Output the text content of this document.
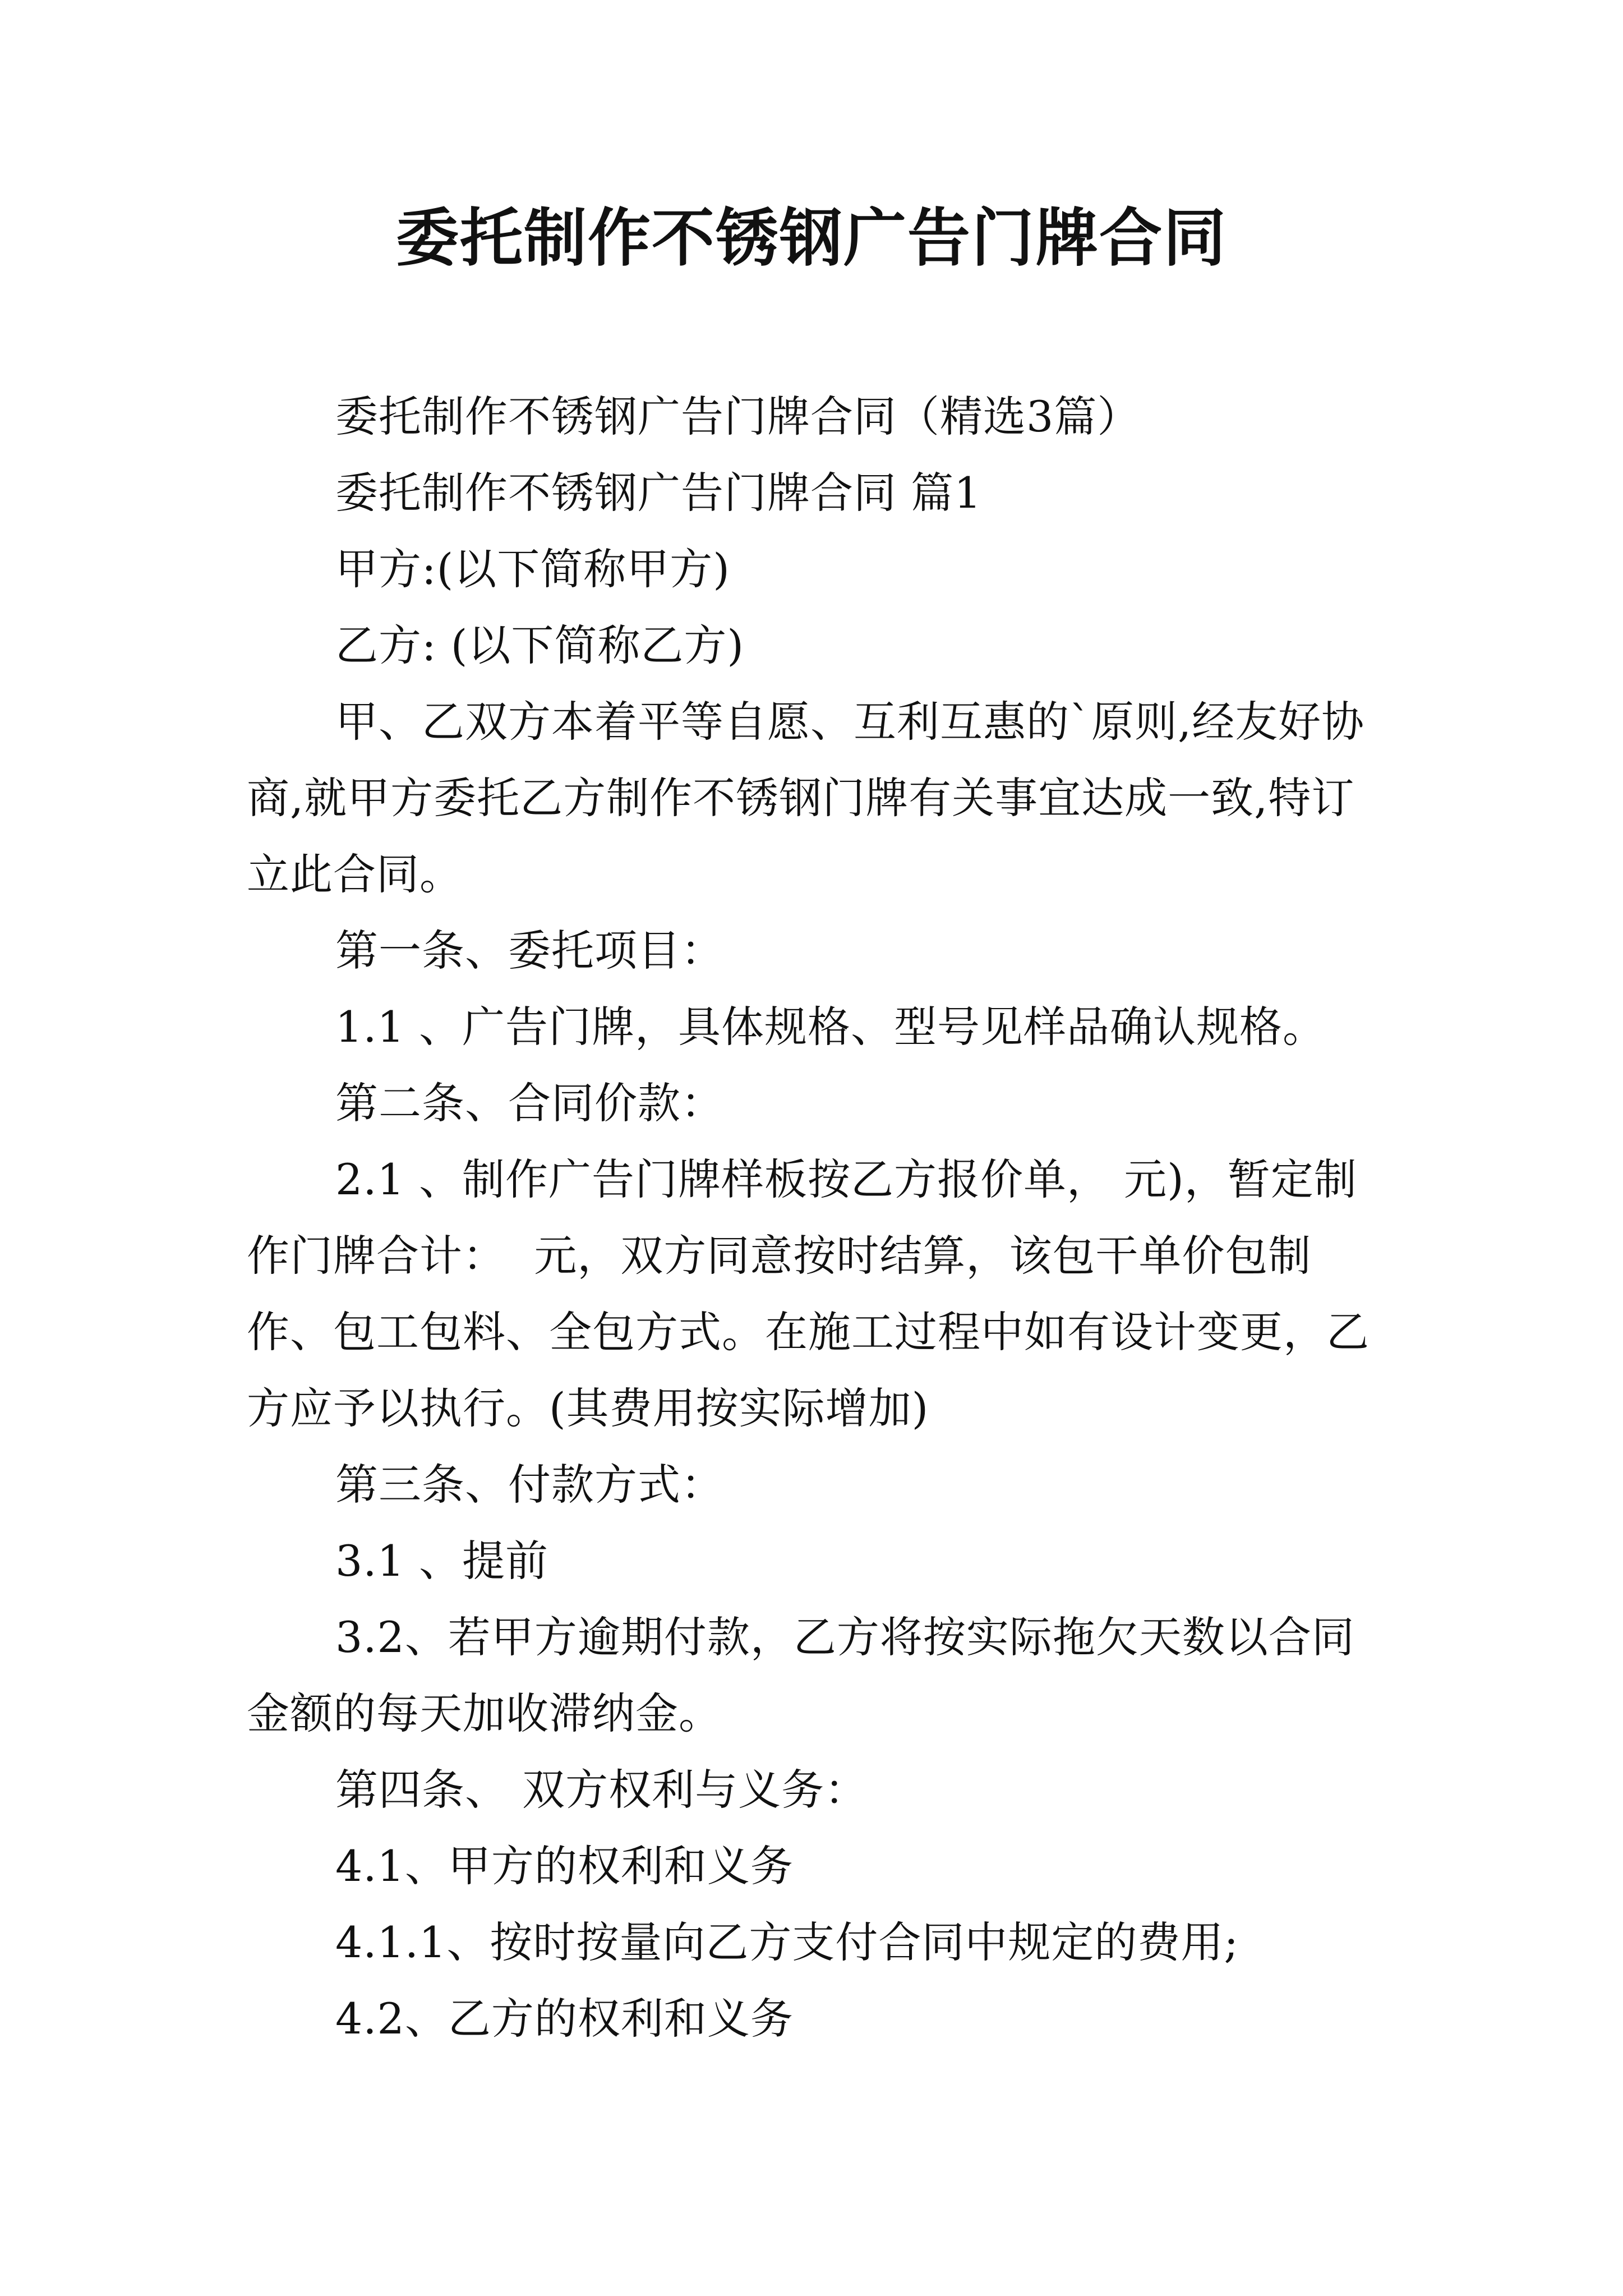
委托制作不锈钢广告门牌合同

委托制作不锈钢广告门牌合同（精选3篇）

委托制作不锈钢广告门牌合同 篇1

甲方:(以下简称甲方)

乙方: (以下简称乙方)

甲、乙双方本着平等自愿、互利互惠的`原则,经友好协商,就甲方委托乙方制作不锈钢门牌有关事宜达成一致,特订立此合同。

第一条、委托项目：

1.1 、广告门牌，具体规格、型号见样品确认规格。

第二条、合同价款：

2.1 、制作广告门牌样板按乙方报价单， 元)，暂定制作门牌合计：  元，双方同意按时结算，该包干单价包制作、包工包料、全包方式。在施工过程中如有设计变更，乙方应予以执行。(其费用按实际增加)

第三条、付款方式：

3.1 、提前

3.2、若甲方逾期付款，乙方将按实际拖欠天数以合同金额的每天加收滞纳金。

第四条、 双方权利与义务：

4.1、甲方的权利和义务

4.1.1、按时按量向乙方支付合同中规定的费用;

4.2、乙方的权利和义务
